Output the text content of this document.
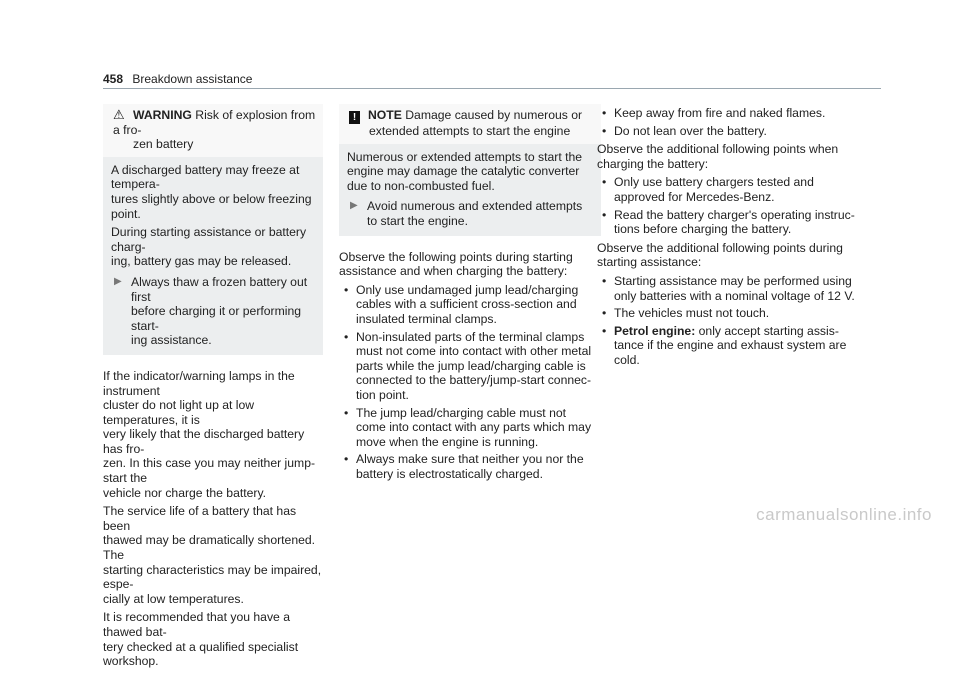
458 Breakdown assistance
⚠ WARNING Risk of explosion from a fro-
zen battery

A discharged battery may freeze at tempera-
tures slightly above or below freezing point.

During starting assistance or battery charg-
ing, battery gas may be released.

▶ Always thaw a frozen battery out first
before charging it or performing start-
ing assistance.

If the indicator/warning lamps in the instrument
cluster do not light up at low temperatures, it is
very likely that the discharged battery has fro-
zen. In this case you may neither jump-start the
vehicle nor charge the battery.

The service life of a battery that has been
thawed may be dramatically shortened. The
starting characteristics may be impaired, espe-
cially at low temperatures.

It is recommended that you have a thawed bat-
tery checked at a qualified specialist workshop.

! NOTE Damage caused by numerous or
extended attempts to start the engine

Numerous or extended attempts to start the
engine may damage the catalytic converter
due to non-combusted fuel.

▶ Avoid numerous and extended attempts
to start the engine.

Observe the following points during starting
assistance and when charging the battery:

• Only use undamaged jump lead/charging
cables with a sufficient cross-section and
insulated terminal clamps.
• Non-insulated parts of the terminal clamps
must not come into contact with other metal
parts while the jump lead/charging cable is
connected to the battery/jump-start connec-
tion point.
• The jump lead/charging cable must not
come into contact with any parts which may
move when the engine is running.
• Always make sure that neither you nor the
battery is electrostatically charged.
• Keep away from fire and naked flames.
• Do not lean over the battery.

Observe the additional following points when
charging the battery:

• Only use battery chargers tested and
approved for Mercedes-Benz.
• Read the battery charger's operating instruc-
tions before charging the battery.

Observe the additional following points during
starting assistance:

• Starting assistance may be performed using
only batteries with a nominal voltage of 12 V.
• The vehicles must not touch.
• Petrol engine: only accept starting assis-
tance if the engine and exhaust system are
cold.
carmanualsonline.info
